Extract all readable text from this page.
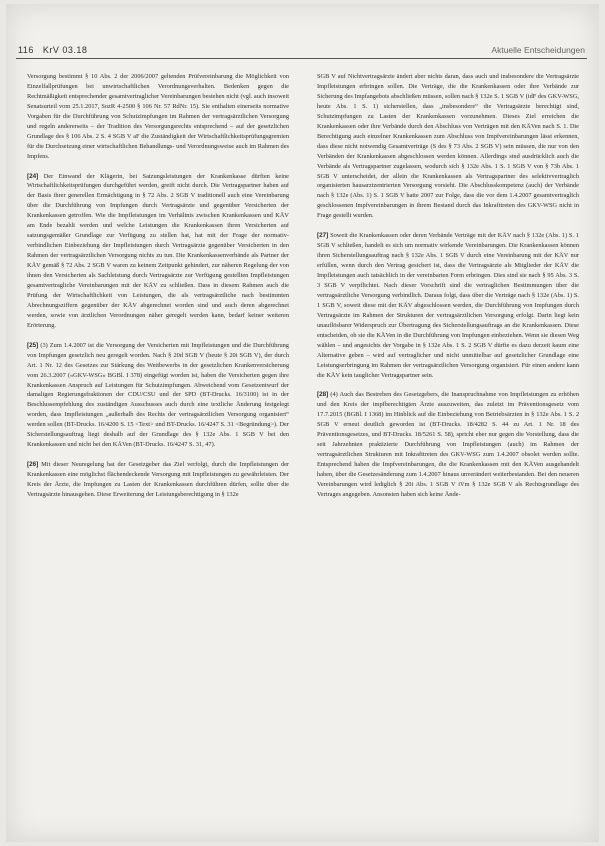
116 KrV 03.18	Aktuelle Entscheidungen

Versorgung bestimmt § 10 Abs. 2 der 2006/2007 geltenden Prüfvereinbarung die Möglichkeit von Einzelfallprüfungen bei unwirtschaftlichen Verordnungsverhalten. Bedenken gegen die Rechtmäßigkeit entsprechender gesamtvertraglicher Vereinbarungen bestehen nicht (vgl. auch insoweit Senatsurteil vom 25.1.2017, SozR 4-2500 § 106 Nr. 57 RdNr. 15). Sie enthalten einerseits normative Vorgaben für die Durchführung von Schutzimpfungen im Rahmen der vertragsärztlichen Versorgung und regeln andererseits – der Tradition des Versorgungsrechts entsprechend – auf der gesetzlichen Grundlage des § 106 Abs. 2 S. 4 SGB V aF die Zuständigkeit der Wirtschaftlichkeitsprüfungsgremien für die Durchsetzung einer wirtschaftlichen Behandlungs- und Verordnungsweise auch im Rahmen des Impfens.

[24] Der Einwand der Klägerin, bei Satzungsleistungen der Krankenkasse dürften keine Wirtschaftlichkeitsprüfungen durchgeführt werden, greift nicht durch. Die Vertragspartner haben auf der Basis ihrer generellen Ermächtigung in § 72 Abs. 2 SGB V traditionell auch eine Vereinbarung über die Durchführung von Impfungen durch Vertragsärzte und gegenüber Versicherten der Krankenkassen getroffen. Wie die Impfleistungen im Verhältnis zwischen Krankenkassen und KÄV am Ende bezahlt werden und welche Leistungen die Krankenkassen ihren Versicherten auf satzungsgemäßer Grundlage zur Verfügung zu stellen hat, hat mit der Frage der normativ-verbindlichen Einbeziehung der Impfleistungen durch Vertragsärzte gegenüber Versicherten in den Rahmen der vertragsärztlichen Versorgung nichts zu tun. Die Krankenkassenverbände als Partner der KÄV gemäß § 72 Abs. 2 SGB V waren zu keinem Zeitpunkt gehindert, zur näheren Regelung der von ihnen den Versicherten als Sachleistung durch Vertragsärzte zur Verfügung gestellten Impfleistungen gesamtvertragliche Vereinbarungen mit der KÄV zu schließen. Dass in diesem Rahmen auch die Prüfung der Wirtschaftlichkeit von Leistungen, die als vertragsärztliche nach bestimmten Abrechnungsziffern gegenüber der KÄV abgerechnet worden sind und auch deren abgerechnet werden, sowie von ärztlichen Verordnungen näher geregelt werden kann, bedarf keiner weiteren Erörterung.

[25] (3) Zum 1.4.2007 ist die Versorgung der Versicherten mit Impfleistungen und die Durchführung von Impfungen gesetzlich neu geregelt worden. Nach § 20d SGB V (heute § 20i SGB V), der durch Art. 1 Nr. 12 des Gesetzes zur Stärkung des Wettbewerbs in der gesetzlichen Krankenversicherung vom 26.3.2007 («GKV-WSG» BGBl. I 378) eingefügt worden ist, haben die Versicherten gegen ihre Krankenkassen Anspruch auf Leistungen für Schutzimpfungen. Abweichend vom Gesetzentwurf der damaligen Regierungsfraktionen der CDU/CSU und der SPD (BT-Drucks. 16/3100) ist in der Beschlussempfehlung des zuständigen Ausschusses auch durch eine textliche Änderung festgelegt worden, dass Impfleistungen „außerhalb des Rechts der vertragsärztlichen Versorgung organisiert“ werden sollen (BT-Drucks. 16/4200 S. 15 <Text> und BT-Drucks. 16/4247 S. 31 <Begründung>). Der Sicherstellungsauftrag liegt deshalb auf der Grundlage des § 132e Abs. 1 SGB V bei den Krankenkassen und nicht bei den KÄVen (BT-Drucks. 16/4247 S. 31, 47).

[26] Mit dieser Neuregelung hat der Gesetzgeber das Ziel verfolgt, durch die Impfleistungen der Krankenkassen eine möglichst flächendeckende Versorgung mit Impfleistungen zu gewährleisten. Der Kreis der Ärzte, die Impfungen zu Lasten der Krankenkassen durchführen dürfen, sollte über die Vertragsärzte hinausgehen. Diese Erweiterung der Leistungsberechtigung in § 132e

SGB V auf Nichtvertragsärzte ändert aber nichts daran, dass auch und insbesondere die Vertragsärzte Impfleistungen erbringen sollen. Die Verträge, die die Krankenkassen oder ihre Verbände zur Sicherung des Impfangebots abschließen müssen, sollen nach § 132e S. 1 SGB V (idF des GKV-WSG, heute Abs. 1 S. 1) sicherstellen, dass „insbesondere“ die Vertragsärzte berechtigt sind, Schutzimpfungen zu Lasten der Krankenkassen vorzunehmen. Dieses Ziel erreichen die Krankenkassen oder ihre Verbände durch den Abschluss von Verträgen mit den KÄVen nach S. 1. Die Berechtigung auch einzelner Krankenkassen zum Abschluss von Impfvereinbarungen lässt erkennen, dass diese nicht notwendig Gesamtverträge (S des § 73 Abs. 2 SGB V) sein müssen, die nur von den Verbänden der Krankenkassen abgeschlossen werden können. Allerdings sind ausdrücklich auch die Verbände als Vertragspartner zugelassen, wodurch sich § 132e Abs. 1 S. 1 SGB V von § 73b Abs. 1 SGB V unterscheidet, der allein die Krankenkassen als Vertragspartner des selektivvertraglich organisierten hausarztzentrierten Versorgung vorsieht. Die Abschlusskompetenz (auch) der Verbände nach § 132e (Abs. 1) S. 1 SGB V hatte 2007 zur Folge, dass die vor dem 1.4.2007 gesamtvertraglich geschlossenen Impfvereinbarungen in ihrem Bestand durch das Inkrafttreten des GKV-WSG nicht in Frage gestellt wurden.

[27] Soweit die Krankenkassen oder deren Verbände Verträge mit der KÄV nach § 132e (Abs. 1) S. 1 SGB V schließen, handelt es sich um normativ wirkende Vereinbarungen. Die Krankenkassen können ihren Sicherstellungsauftrag nach § 132e Abs. 1 SGB V durch eine Vereinbarung mit der KÄV nur erfüllen, wenn durch den Vertrag gesichert ist, dass die Vertragsärzte als Mitglieder der KÄV die Impfleistungen auch tatsächlich in der vereinbarten Form erbringen. Dies sind sie nach § 95 Abs. 3 S. 3 SGB V verpflichtet. Nach dieser Vorschrift sind die vertraglichen Bestimmungen über die vertragsärztliche Versorgung verbindlich. Daraus folgt, dass über die Verträge nach § 132e (Abs. 1) S. 1 SGB V, soweit diese mit der KÄV abgeschlossen werden, die Durchführung von Impfungen durch Vertragsärzte im Rahmen der Strukturen der vertragsärztlichen Versorgung erfolgt. Darin liegt kein unauflösbarer Widerspruch zur Übertragung des Sicherstellungsauftrags an die Krankenkassen. Diese entscheiden, ob sie die KÄVen in die Durchführung von Impfungen einbeziehen. Wenn sie diesen Weg wählen – und angesichts der Vorgabe in § 132e Abs. 1 S. 2 SGB V dürfte es dazu derzeit kaum eine Alternative geben – wird auf vertraglicher und nicht unmittelbar auf gesetzlicher Grundlage eine Leistungserbringung im Rahmen der vertragsärztlichen Versorgung organisiert. Für einen andere kann die KÄV kein tauglicher Vertragspartner sein.

[28] (4) Auch das Bestreben des Gesetzgebers, die Inanspruchnahme von Impfleistungen zu erhöhen und den Kreis der impfberechtigten Ärzte auszuweiten, das zuletzt im Präventionsgesetz vom 17.7.2015 (BGBl. I 1368) im Hinblick auf die Einbeziehung von Betriebsärzten in § 132e Abs. 1 S. 2 SGB V erneut deutlich geworden ist (BT-Drucks. 18/4282 S. 44 zu Art. 1 Nr. 18 des Präventionsgesetzes, und BT-Drucks. 18/5261 S. 58), spricht eher nur gegen die Vorstellung, dass die seit Jahrzehnten praktizierte Durchführung von Impfleistungen (auch) im Rahmen der vertragsärztlichen Strukturen mit Inkrafttreten des GKV-WSG zum 1.4.2007 obsolet werden sollte. Entsprechend haben die Impfvereinbarungen, die die Krankenkassen mit den KÄVen ausgehandelt haben, über die Gesetzesänderung zum 1.4.2007 hinaus unverändert weiterbestanden. Bei den neueren Vereinbarungen wird lediglich § 20i Abs. 1 SGB V iVm § 132e SGB V als Rechtsgrundlage des Vertrages angegeben. Ansonsten haben sich keine Ände-
